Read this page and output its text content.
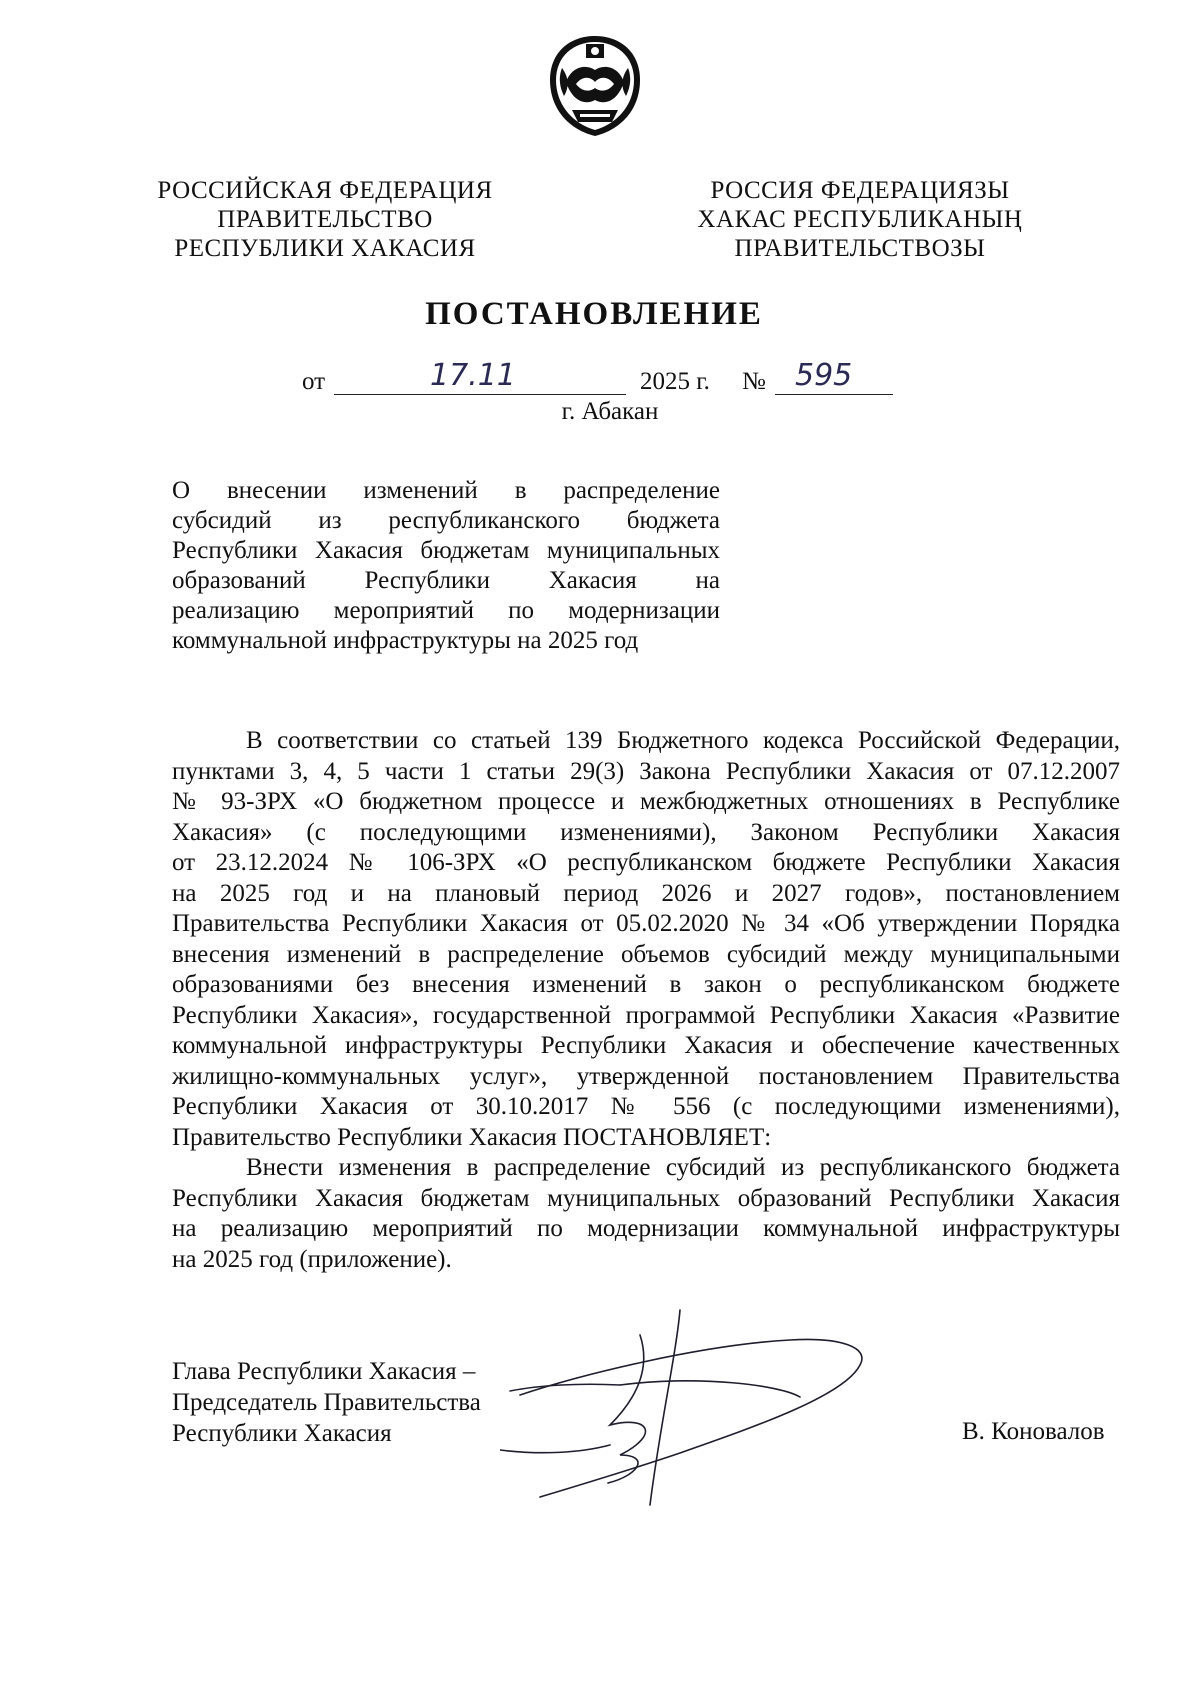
РОССИЙСКАЯ ФЕДЕРАЦИЯ
ПРАВИТЕЛЬСТВО
РЕСПУБЛИКИ ХАКАСИЯ
РОССИЯ ФЕДЕРАЦИЯЗЫ
ХАКАС РЕСПУБЛИКАНЫҢ
ПРАВИТЕЛЬСТВОЗЫ
ПОСТАНОВЛЕНИЕ
от	17.11	2025 г. № 595
г. Абакан
О внесении изменений в распределение
субсидий из республиканского бюджета
Республики Хакасия бюджетам муниципальных
образований Республики Хакасия на
реализацию мероприятий по модернизации
коммунальной инфраструктуры на 2025 год
В соответствии со статьей 139 Бюджетного кодекса Российской Федерации,
пунктами 3, 4, 5 части 1 статьи 29(3) Закона Республики Хакасия от 07.12.2007
№ 93-ЗРХ «О бюджетном процессе и межбюджетных отношениях в Республике
Хакасия» (с последующими изменениями), Законом Республики Хакасия
от 23.12.2024 № 106-ЗРХ «О республиканском бюджете Республики Хакасия
на 2025 год и на плановый период 2026 и 2027 годов», постановлением
Правительства Республики Хакасия от 05.02.2020 № 34 «Об утверждении Порядка
внесения изменений в распределение объемов субсидий между муниципальными
образованиями без внесения изменений в закон о республиканском бюджете
Республики Хакасия», государственной программой Республики Хакасия «Развитие
коммунальной инфраструктуры Республики Хакасия и обеспечение качественных
жилищно-коммунальных услуг», утвержденной постановлением Правительства
Республики Хакасия от 30.10.2017 № 556 (с последующими изменениями),
Правительство Республики Хакасия ПОСТАНОВЛЯЕТ:
Внести изменения в распределение субсидий из республиканского бюджета
Республики Хакасия бюджетам муниципальных образований Республики Хакасия
на реализацию мероприятий по модернизации коммунальной инфраструктуры
на 2025 год (приложение).
Глава Республики Хакасия –
Председатель Правительства
Республики Хакасия	В. Коновалов
